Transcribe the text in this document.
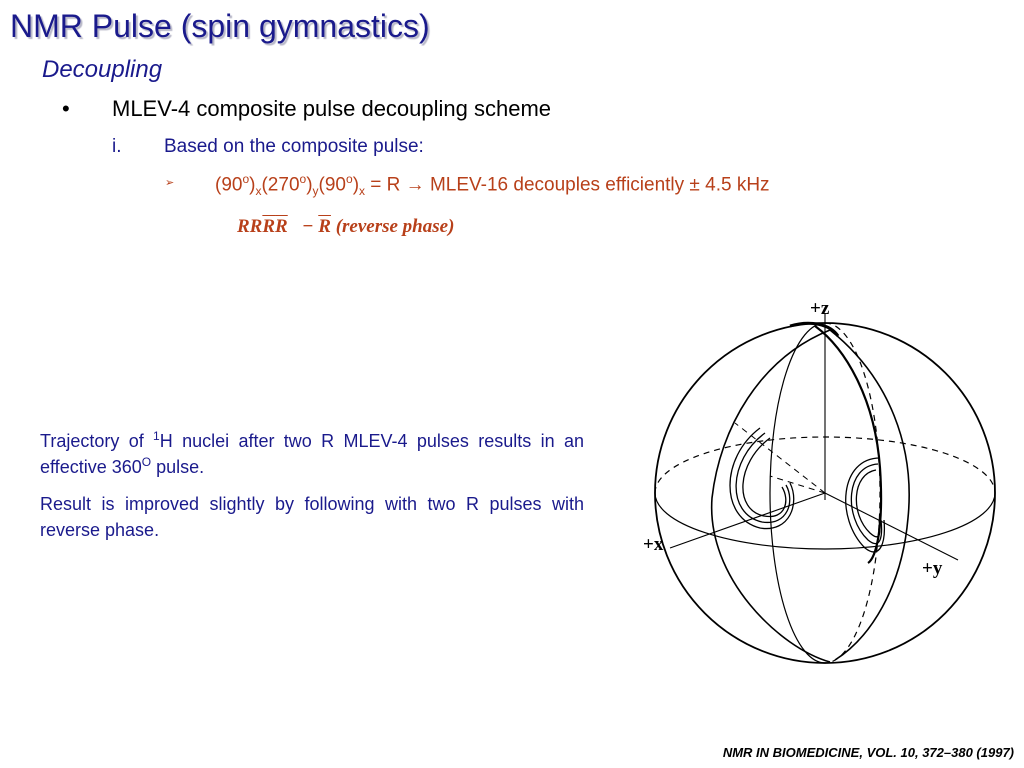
NMR Pulse (spin gymnastics)
Decoupling
• MLEV-4 composite pulse decoupling scheme
i. Based on the composite pulse:
➢ $(90^o)_x(270^o)_y(90^o)_x = R$ → MLEV-16 decouples efficiently ± 4.5 kHz
$RR\overline{R}\overline{R} - \overline{R}$ (reverse phase)

Trajectory of $^1$H nuclei after two R MLEV-4 pulses results in an effective $360^O$ pulse.

Result is improved slightly by following with two R pulses with reverse phase.

+z
+x
+y
NMR IN BIOMEDICINE, VOL. 10, 372–380 (1997)
